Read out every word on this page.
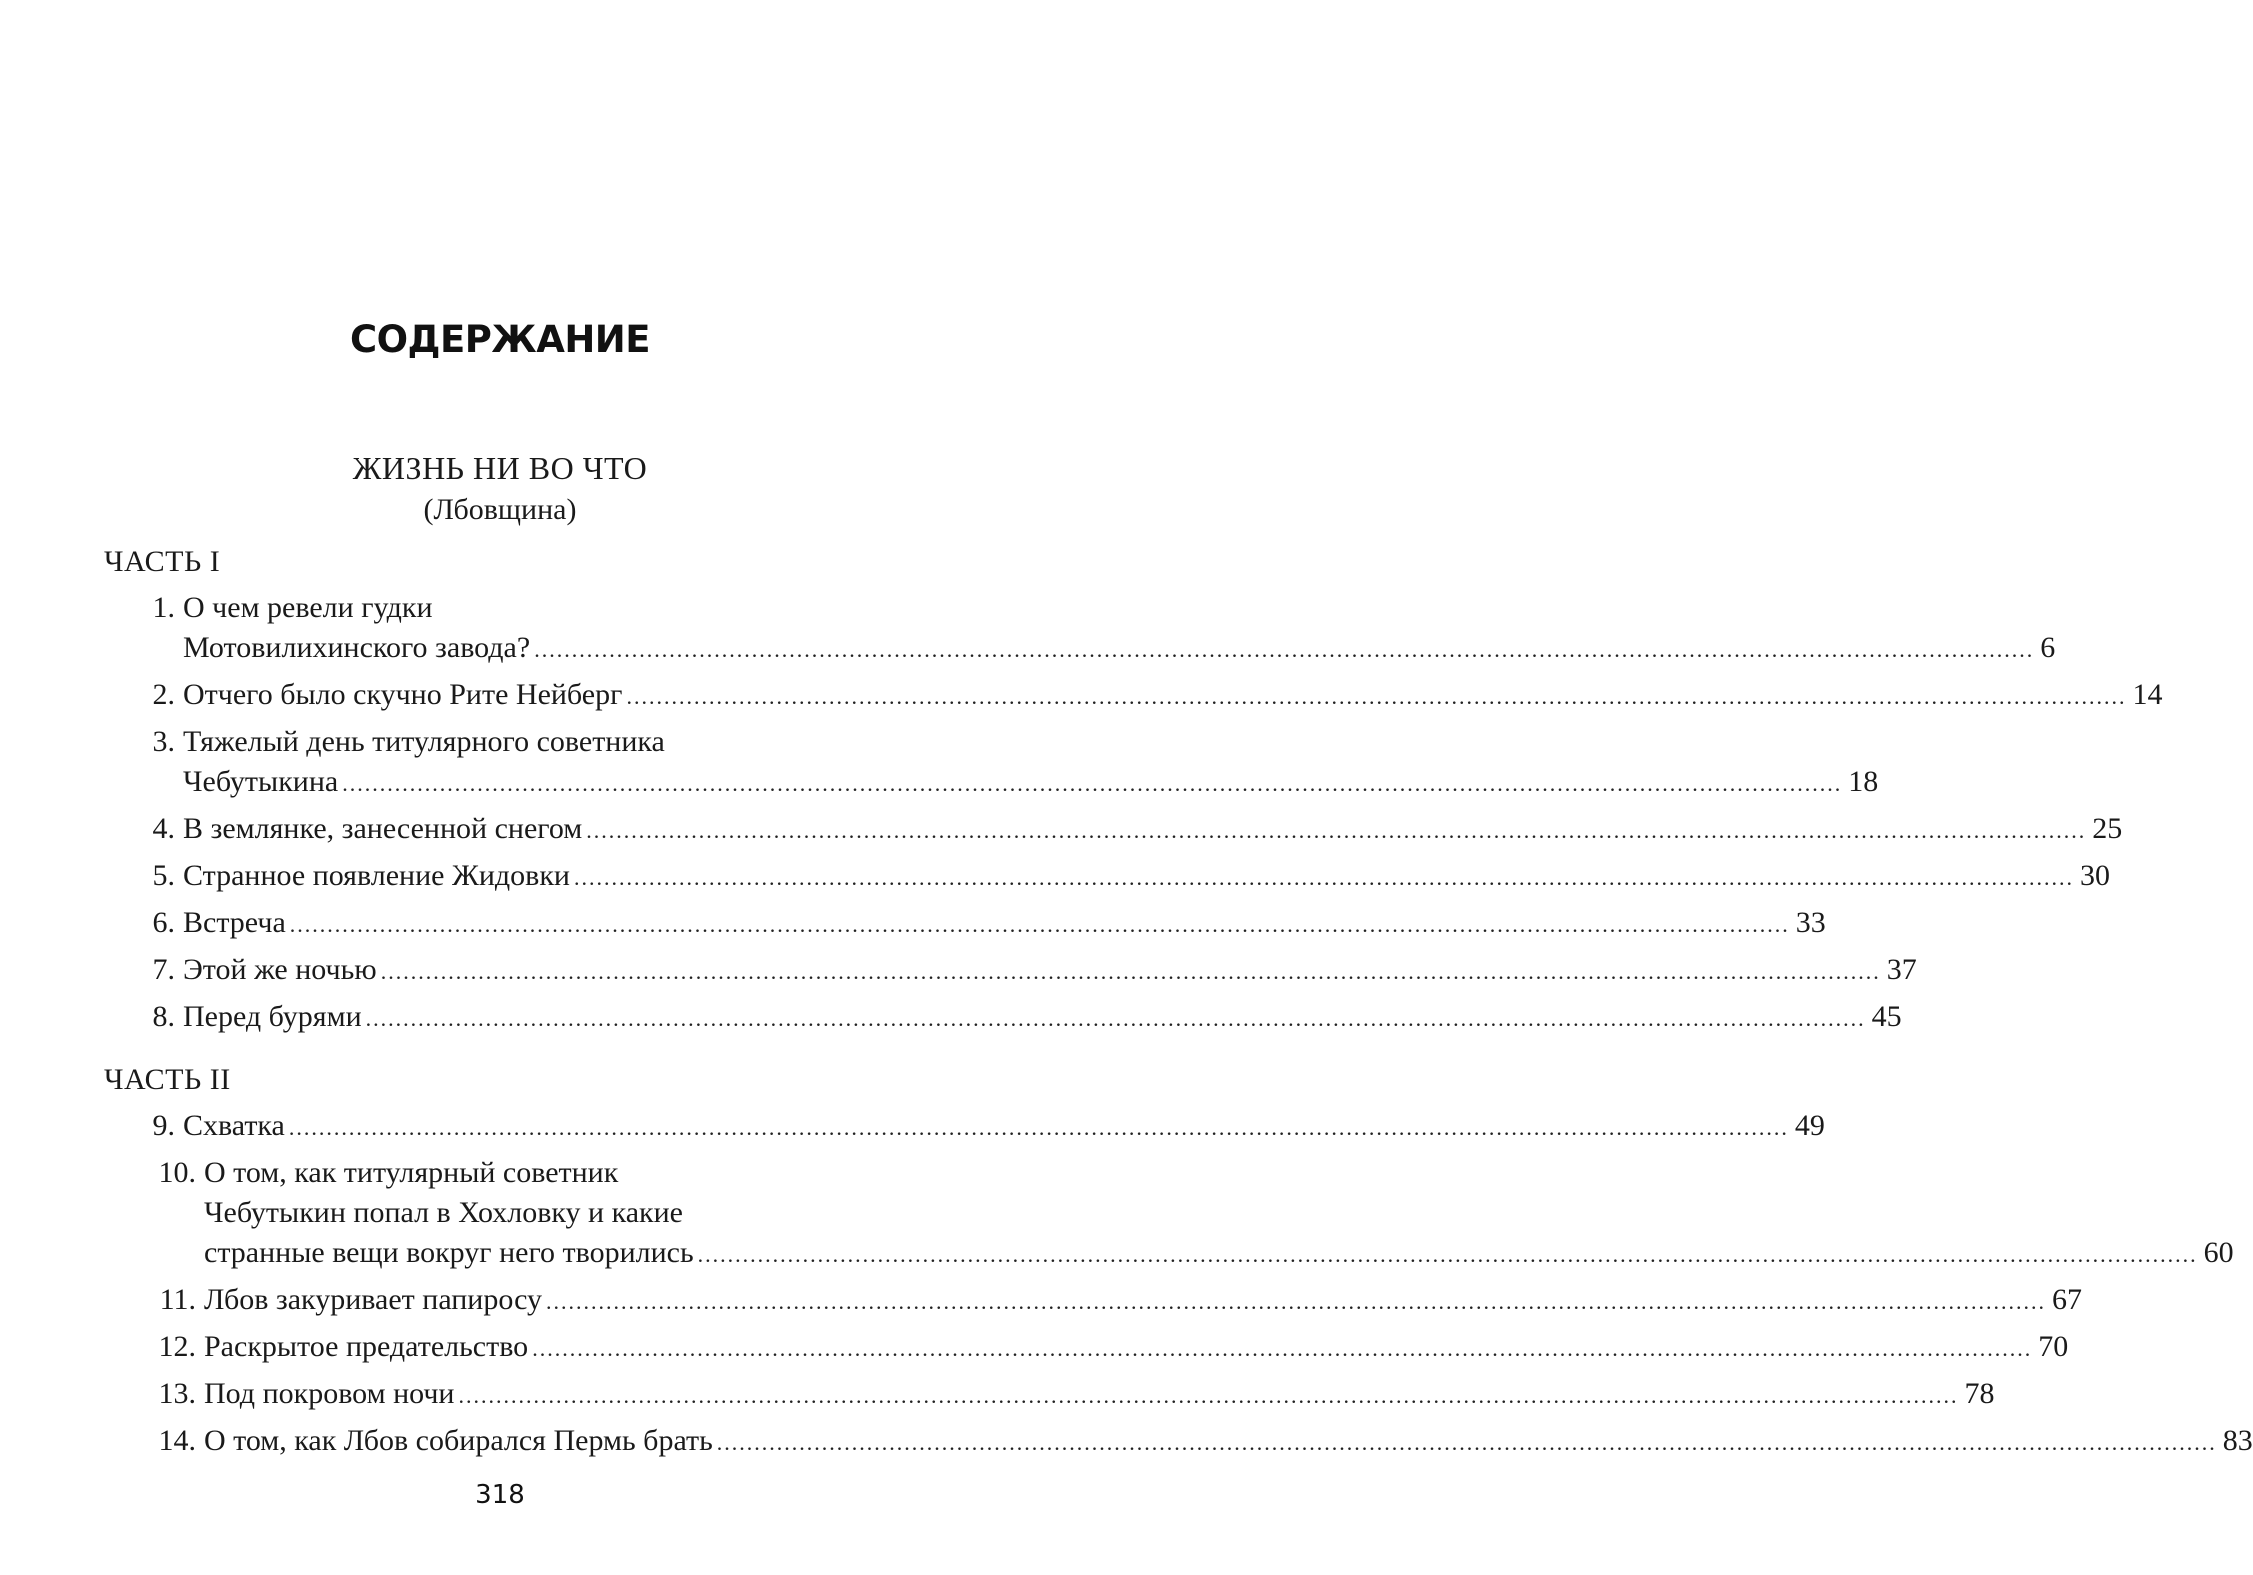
СОДЕРЖАНИЕ
ЖИЗНЬ НИ ВО ЧТО
(Лбовщина)
ЧАСТЬ I
1. О чем ревели гудки
Мотовилихинского завода? ........................................................................................................................................................................................................ 6
2. Отчего было скучно Рите Нейберг ........................................................................................................................................................................................................ 14
3. Тяжелый день титулярного советника
Чебутыкина ........................................................................................................................................................................................................ 18
4. В землянке, занесенной снегом ........................................................................................................................................................................................................ 25
5. Странное появление Жидовки ........................................................................................................................................................................................................ 30
6. Встреча ........................................................................................................................................................................................................ 33
7. Этой же ночью ........................................................................................................................................................................................................ 37
8. Перед бурями ........................................................................................................................................................................................................ 45
ЧАСТЬ II
9. Схватка ........................................................................................................................................................................................................ 49
10. О том, как титулярный советник
Чебутыкин попал в Хохловку и какие
странные вещи вокруг него творились ........................................................................................................................................................................................................ 60
11. Лбов закуривает папиросу ........................................................................................................................................................................................................ 67
12. Раскрытое предательство ........................................................................................................................................................................................................ 70
13. Под покровом ночи ........................................................................................................................................................................................................ 78
14. О том, как Лбов собирался Пермь брать ........................................................................................................................................................................................................ 83
318
